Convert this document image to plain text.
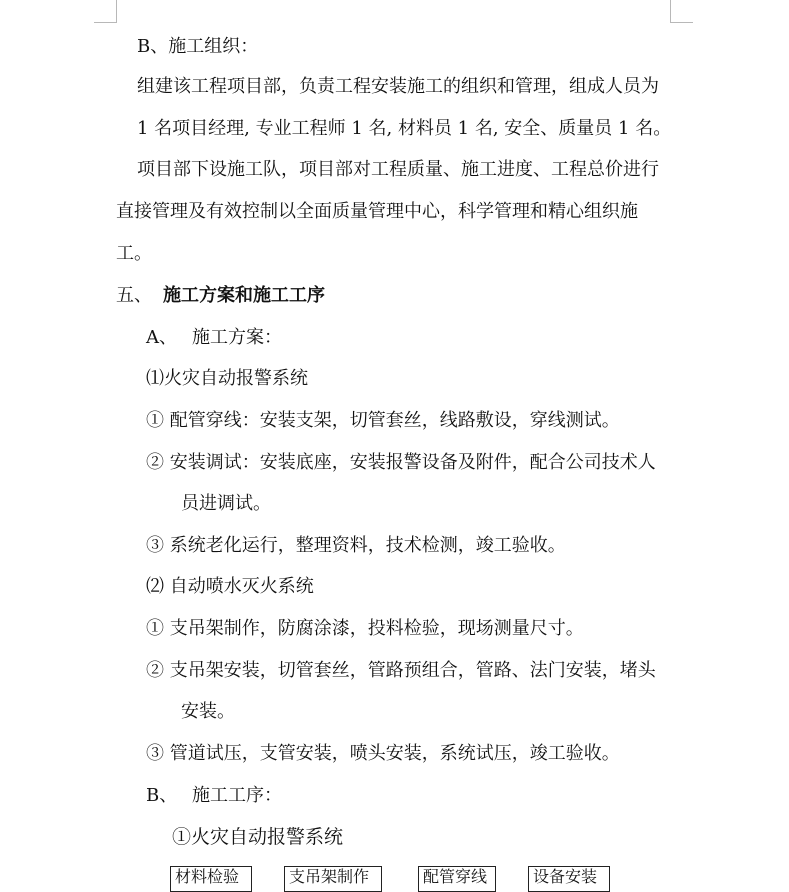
B、施工组织：
组建该工程项目部，负责工程安装施工的组织和管理，组成人员为
1 名项目经理, 专业工程师 1 名, 材料员 1 名, 安全、质量员 1 名。
项目部下设施工队，项目部对工程质量、施工进度、工程总价进行
直接管理及有效控制以全面质量管理中心，科学管理和精心组织施
工。
五、 施工方案和施工工序
A、 施工方案：
⑴火灾自动报警系统
① 配管穿线：安装支架，切管套丝，线路敷设，穿线测试。
② 安装调试：安装底座，安装报警设备及附件，配合公司技术人
员进调试。
③ 系统老化运行，整理资料，技术检测，竣工验收。
⑵ 自动喷水灭火系统
① 支吊架制作，防腐涂漆，投料检验，现场测量尺寸。
② 支吊架安装，切管套丝，管路预组合，管路、法门安装，堵头
安装。
③ 管道试压，支管安装，喷头安装，系统试压，竣工验收。
B、 施工工序：
①火灾自动报警系统
材料检验	支吊架制作	配管穿线	设备安装
